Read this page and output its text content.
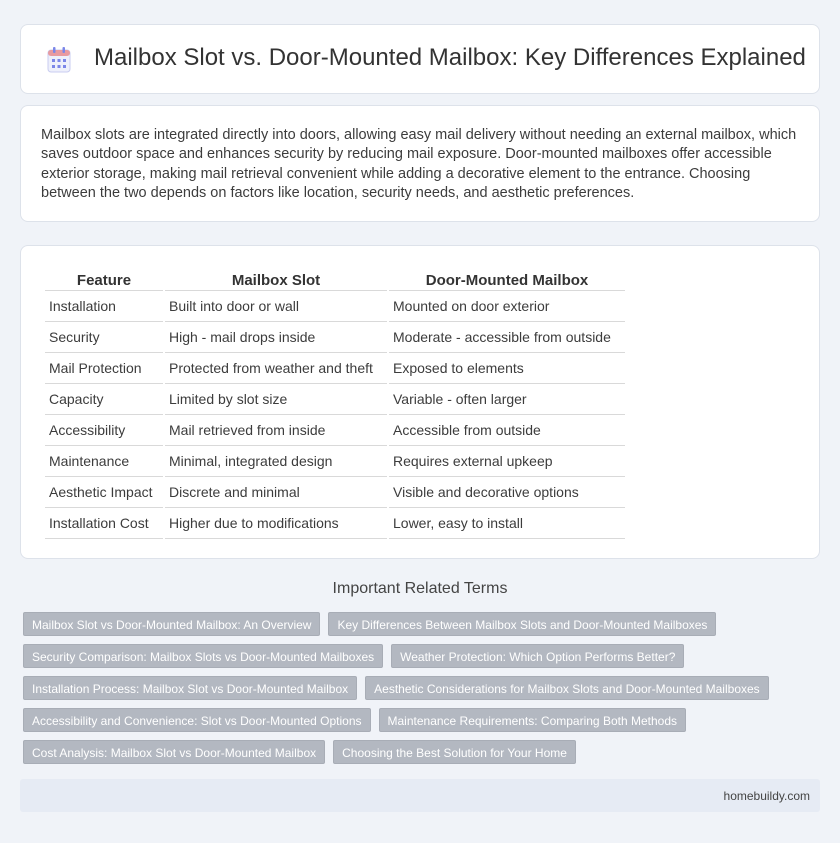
Mailbox Slot vs. Door-Mounted Mailbox: Key Differences Explained

Mailbox slots are integrated directly into doors, allowing easy mail delivery without needing an external mailbox, which saves outdoor space and enhances security by reducing mail exposure. Door-mounted mailboxes offer accessible exterior storage, making mail retrieval convenient while adding a decorative element to the entrance. Choosing between the two depends on factors like location, security needs, and aesthetic preferences.

Feature	Mailbox Slot	Door-Mounted Mailbox
Installation	Built into door or wall	Mounted on door exterior
Security	High - mail drops inside	Moderate - accessible from outside
Mail Protection	Protected from weather and theft	Exposed to elements
Capacity	Limited by slot size	Variable - often larger
Accessibility	Mail retrieved from inside	Accessible from outside
Maintenance	Minimal, integrated design	Requires external upkeep
Aesthetic Impact	Discrete and minimal	Visible and decorative options
Installation Cost	Higher due to modifications	Lower, easy to install
Important Related Terms
Mailbox Slot vs Door-Mounted Mailbox: An Overview	Key Differences Between Mailbox Slots and Door-Mounted Mailboxes
Security Comparison: Mailbox Slots vs Door-Mounted Mailboxes	Weather Protection: Which Option Performs Better?
Installation Process: Mailbox Slot vs Door-Mounted Mailbox	Aesthetic Considerations for Mailbox Slots and Door-Mounted Mailboxes
Accessibility and Convenience: Slot vs Door-Mounted Options	Maintenance Requirements: Comparing Both Methods
Cost Analysis: Mailbox Slot vs Door-Mounted Mailbox	Choosing the Best Solution for Your Home
homebuildy.com
